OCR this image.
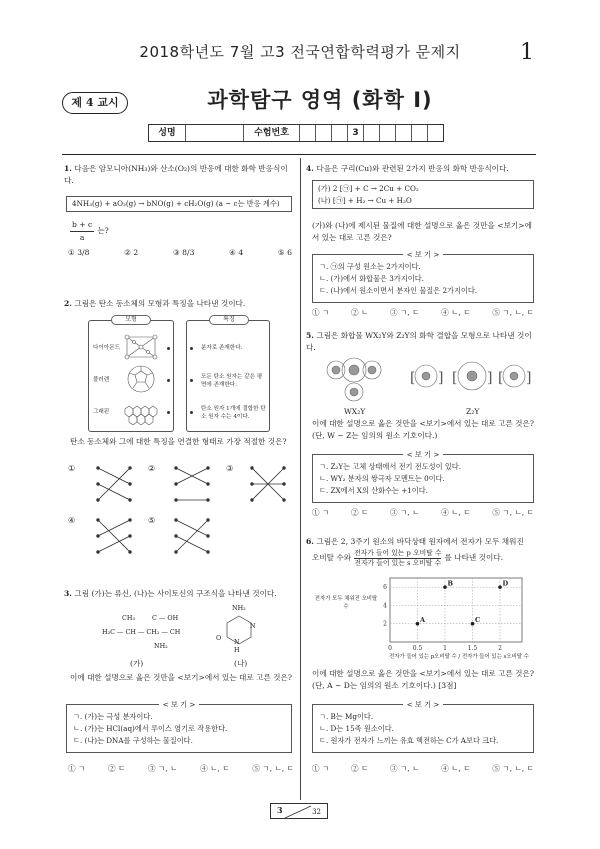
2018학년도 7월 고3 전국연합학력평가 문제지	1
제 4 교시	과학탐구 영역 (화학 Ⅰ)
성명	수험번호	3
1. 다음은 암모니아(NH₃)와 산소(O₂)의 반응에 대한 화학 반응식이다.
4NH₃(g) + aO₂(g) → bNO(g) + cH₂O(g) (a ~ c는 반응 계수)
$\frac{b + c}{a}$ 는?
① 3/8	② 2	③ 8/3	④ 4	⑤ 6
2. 그림은 탄소 동소체의 모형과 특징을 나타낸 것이다.
모형
다이아몬드
풀러렌
그래핀
특징
분자로 존재한다.
모든 탄소 원자는 같은 평면에 존재한다.
탄소 원자 1개에 결합한 탄소 원자 수는 4이다.
탄소 동소체와 그에 대한 특징을 연결한 형태로 가장 적절한 것은?
①	②	③
④	⑤
3. 그림 (가)는 류신, (나)는 사이토신의 구조식을 나타낸 것이다.
CH₃	C — OH
H₃C — CH — CH₂ — CH
NH₂
NH₂
N
N
H
O
(가)	(나)
이에 대한 설명으로 옳은 것만을 <보기>에서 있는 대로 고른 것은?
< 보 기 >
ㄱ. (가)는 극성 분자이다.
ㄴ. (가)는 HCl(aq)에서 루이스 염기로 작용한다.
ㄷ. (나)는 DNA를 구성하는 물질이다.
① ㄱ	② ㄷ	③ ㄱ, ㄴ	④ ㄴ, ㄷ	⑤ ㄱ, ㄴ, ㄷ
4. 다음은 구리(Cu)와 관련된 2가지 반응의 화학 반응식이다.
(가) 2 [㉠] + C → 2Cu + CO₂
(나) [㉠] + H₂ → Cu + H₂O
(가)와 (나)에 제시된 물질에 대한 설명으로 옳은 것만을 <보기>에서 있는 대로 고른 것은?
< 보 기 >
ㄱ. ㉠의 구성 원소는 2가지이다.
ㄴ. (가)에서 화합물은 3가지이다.
ㄷ. (나)에서 원소이면서 분자인 물질은 2가지이다.
① ㄱ	② ㄴ	③ ㄱ, ㄷ	④ ㄴ, ㄷ	⑤ ㄱ, ㄴ, ㄷ
5. 그림은 화합물 WX₂Y와 Z₂Y의 화학 결합을 모형으로 나타낸 것이다.
[ ] [ ] [ ]
WX₂Y	Z₂Y
이에 대한 설명으로 옳은 것만을 <보기>에서 있는 대로 고른 것은? (단, W ~ Z는 임의의 원소 기호이다.)
< 보 기 >
ㄱ. Z₂Y는 고체 상태에서 전기 전도성이 있다.
ㄴ. WY₂ 분자의 쌍극자 모멘트는 0이다.
ㄷ. ZX에서 X의 산화수는 +1이다.
① ㄱ	② ㄷ	③ ㄱ, ㄴ	④ ㄴ, ㄷ	⑤ ㄱ, ㄴ, ㄷ
6. 그림은 2, 3주기 원소의 바닥상태 원자에서 전자가 모두 채워진
오비탈 수와
전자가 들어 있는 p 오비탈 수
전자가 들어 있는 s 오비탈 수
를 나타낸 것이다.
전자가 모두 채워진 오비탈 수
2
4
6
0	0.5	1	1.5	2
A
B
C
D
전자가 들어 있는 p오비탈 수 / 전자가 들어 있는 s오비탈 수
이에 대한 설명으로 옳은 것만을 <보기>에서 있는 대로 고른 것은? (단, A ~ D는 임의의 원소 기호이다.) [3점]
< 보 기 >
ㄱ. B는 Mg이다.
ㄴ. D는 15족 원소이다.
ㄷ. 원자가 전자가 느끼는 유효 핵전하는 C가 A보다 크다.
① ㄱ	② ㄷ	③ ㄱ, ㄴ	④ ㄴ, ㄷ	⑤ ㄱ, ㄴ, ㄷ
3	32
